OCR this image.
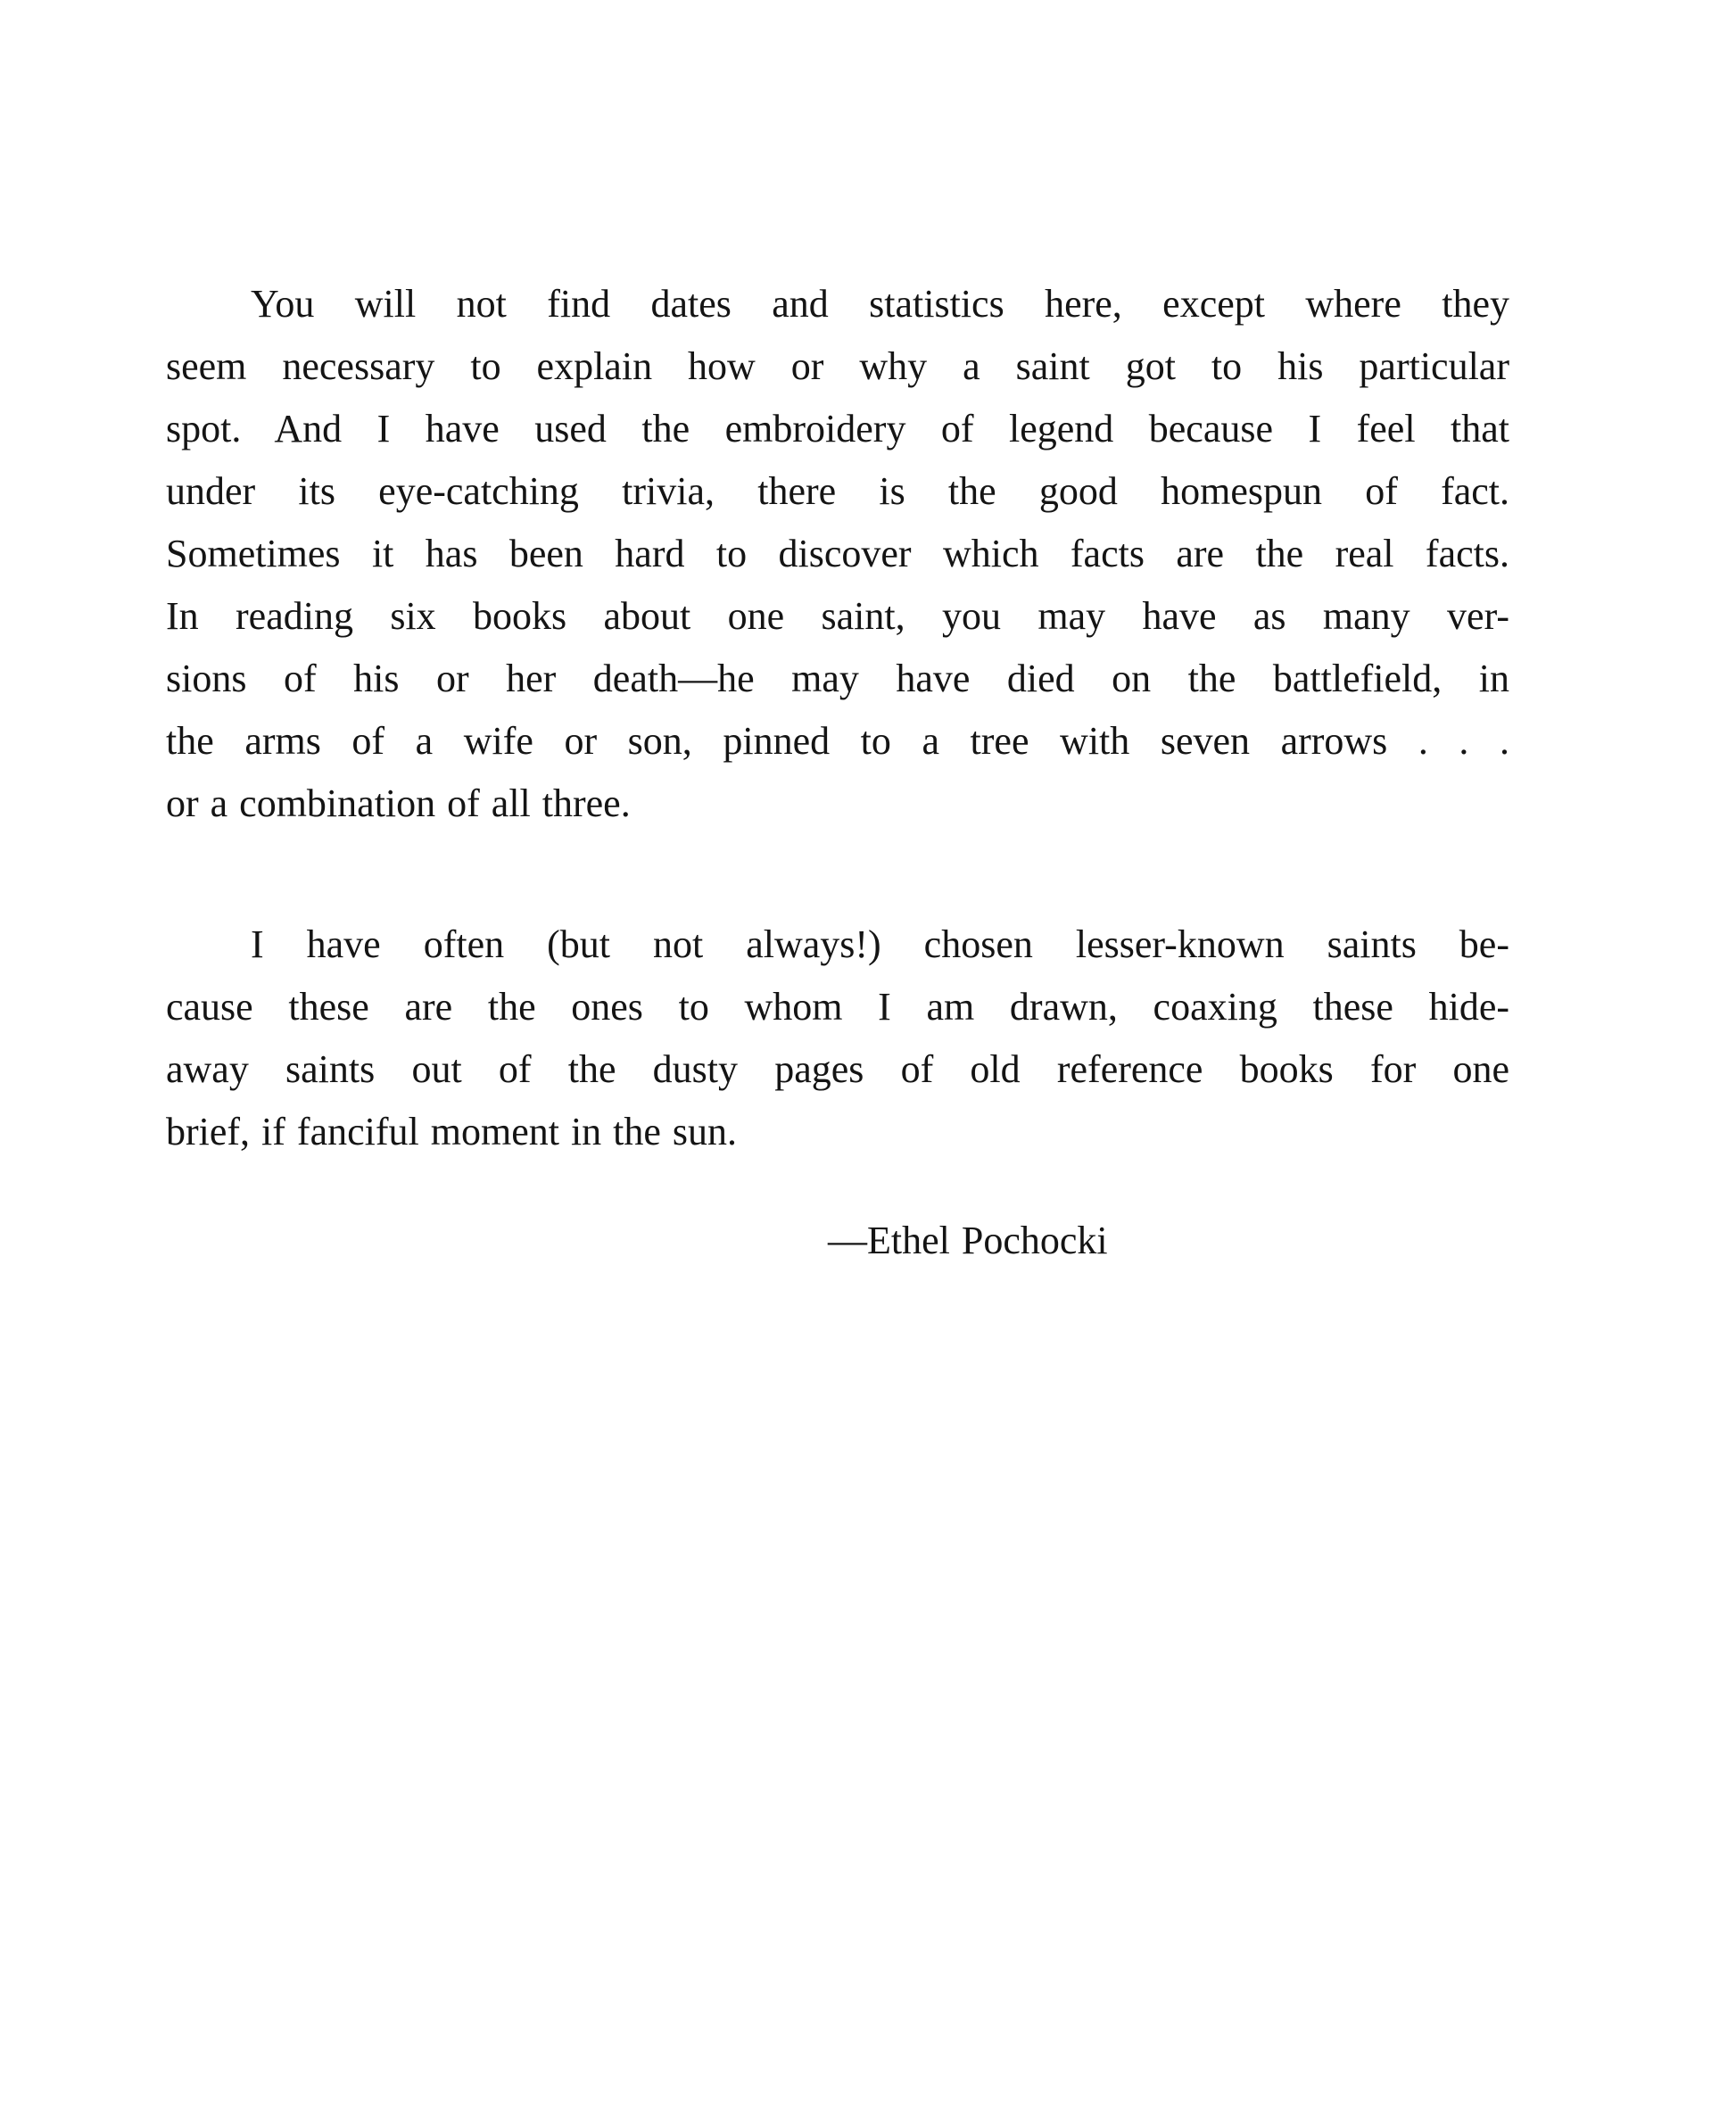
You will not find dates and statistics here, except where they
seem necessary to explain how or why a saint got to his particular
spot. And I have used the embroidery of legend because I feel that
under its eye-catching trivia, there is the good homespun of fact.
Sometimes it has been hard to discover which facts are the real facts.
In reading six books about one saint, you may have as many ver-
sions of his or her death—he may have died on the battlefield, in
the arms of a wife or son, pinned to a tree with seven arrows . . .
or a combination of all three.
I have often (but not always!) chosen lesser-known saints be-
cause these are the ones to whom I am drawn, coaxing these hide-
away saints out of the dusty pages of old reference books for one
brief, if fanciful moment in the sun.
—Ethel Pochocki
